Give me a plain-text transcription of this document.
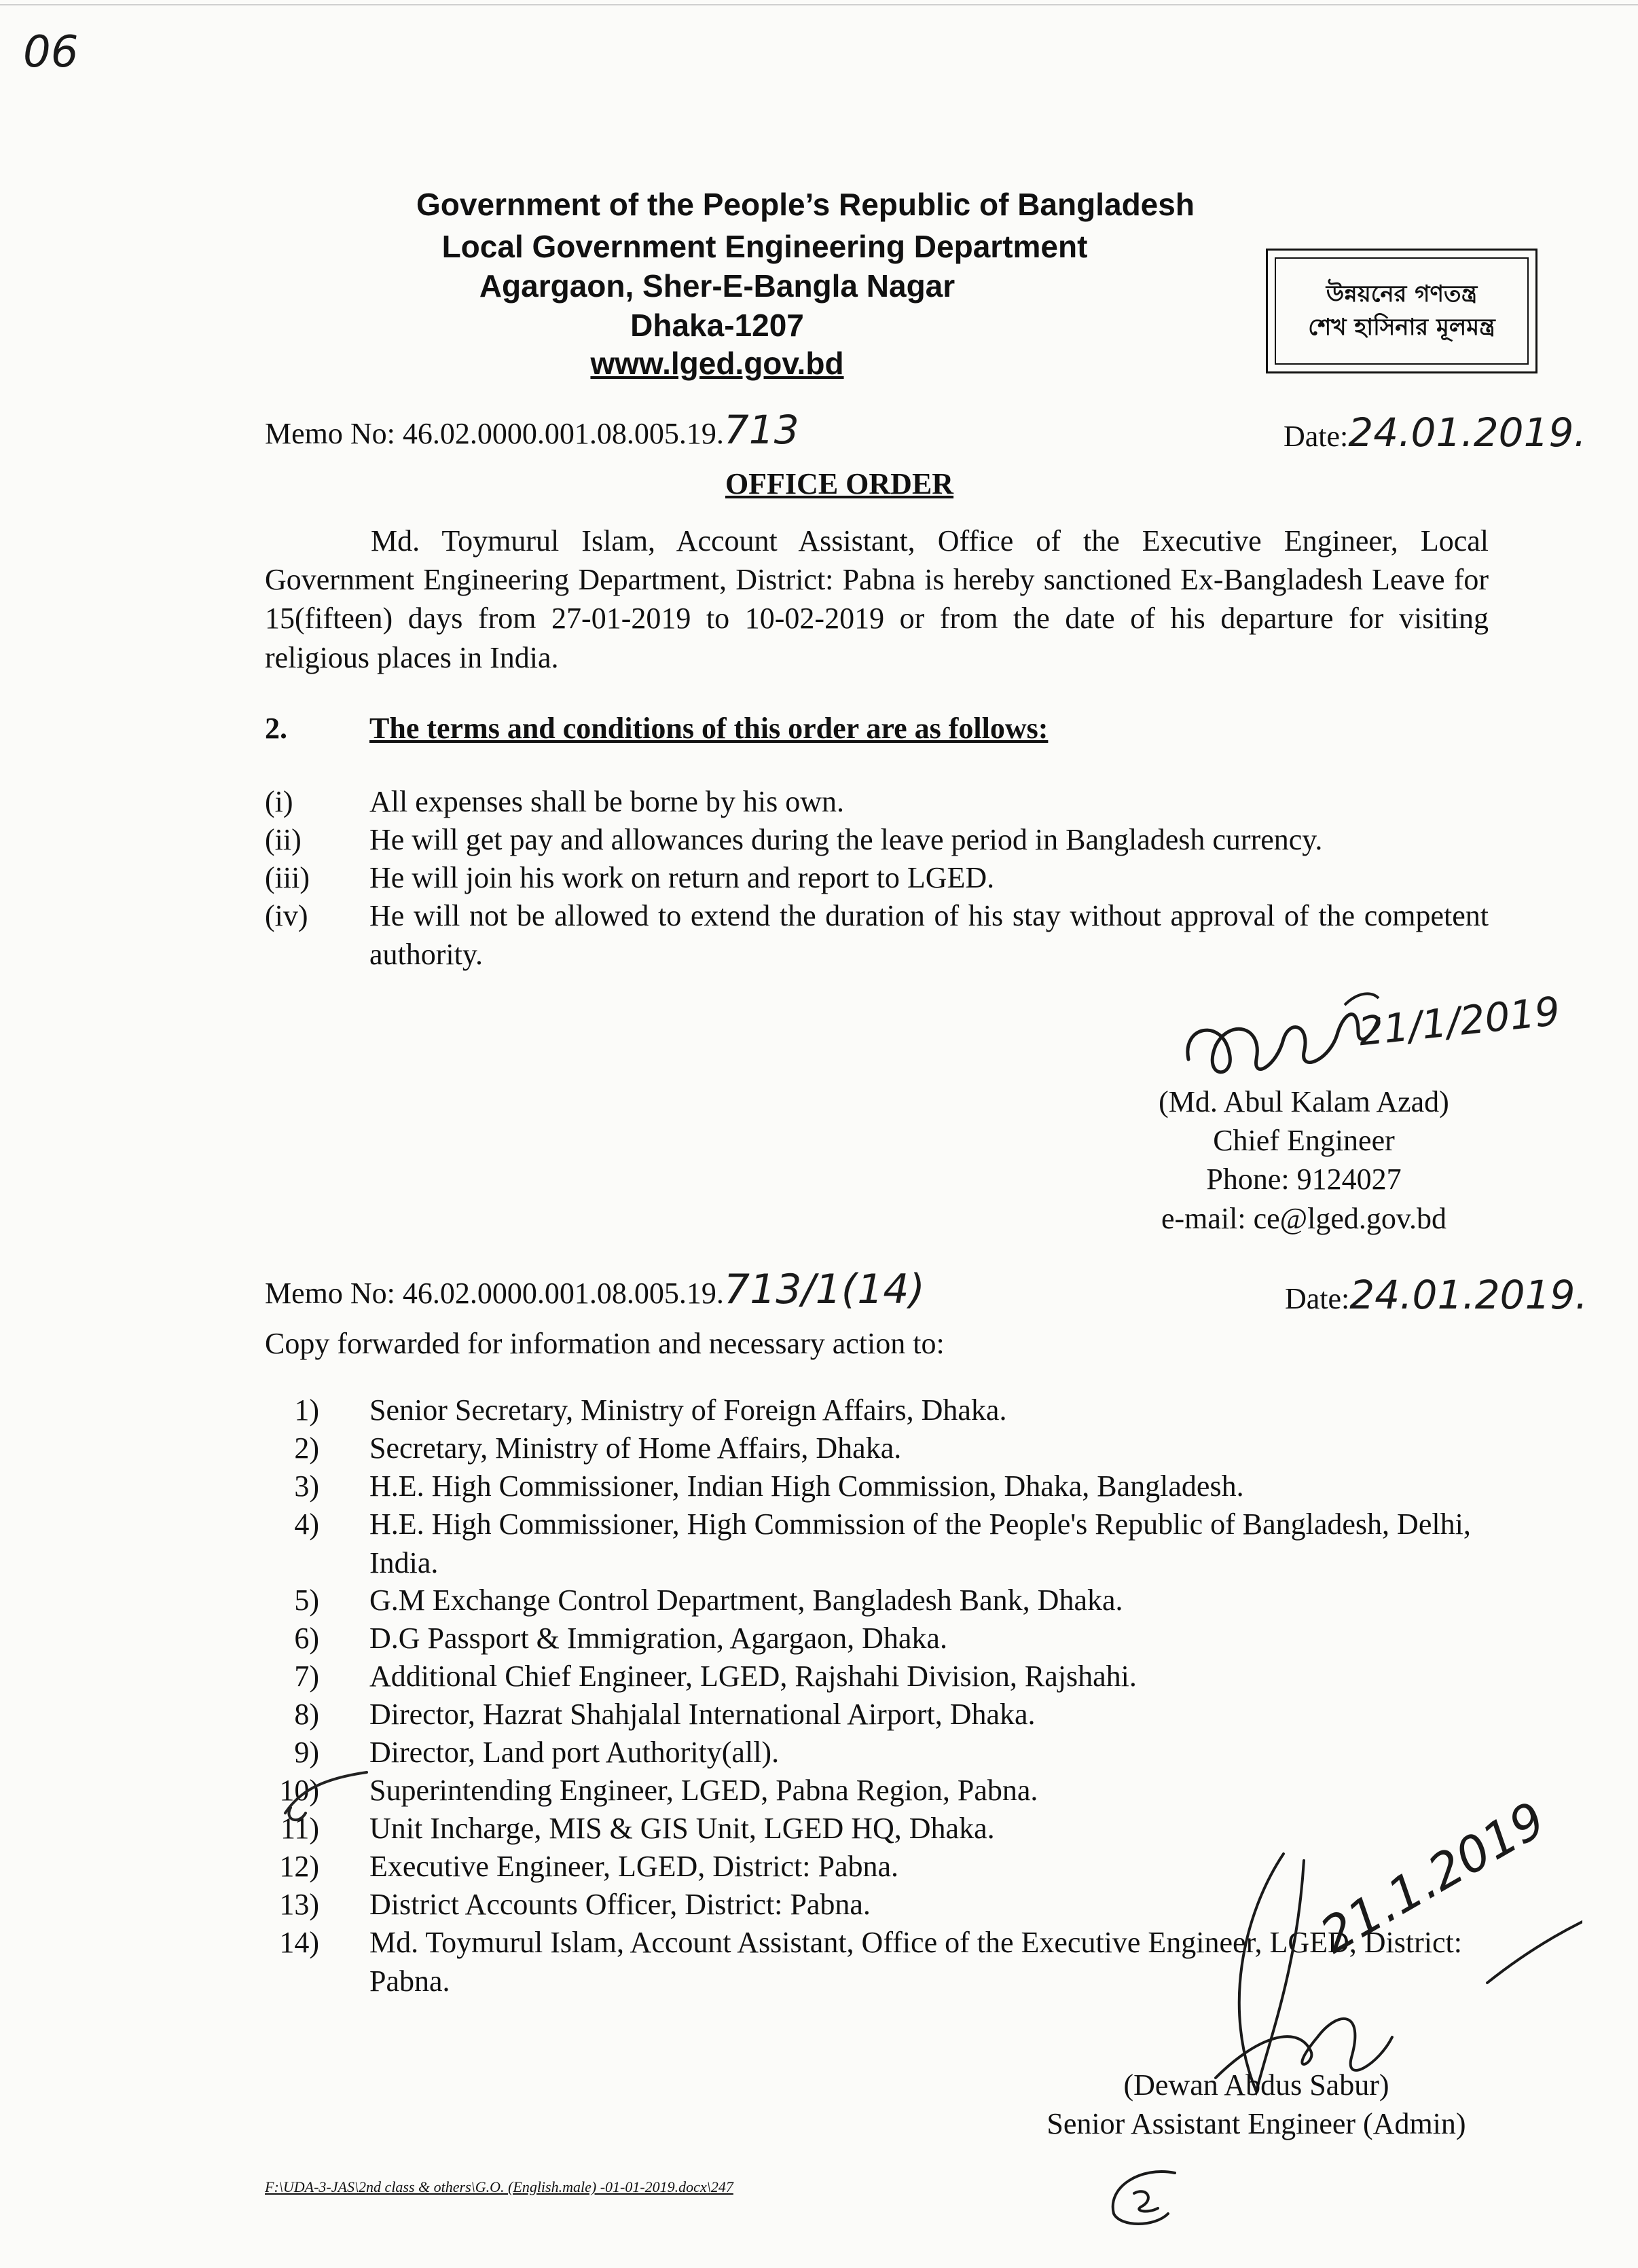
06
Government of the People’s Republic of Bangladesh
Local Government Engineering Department
Agargaon, Sher-E-Bangla Nagar
Dhaka-1207
www.lged.gov.bd
উন্নয়নের গণতন্ত্র
শেখ হাসিনার মূলমন্ত্র
Memo No: 46.02.0000.001.08.005.19.713	Date:24.01.2019.
OFFICE ORDER
Md. Toymurul Islam, Account Assistant, Office of the Executive Engineer, Local Government Engineering Department, District: Pabna is hereby sanctioned Ex-Bangladesh Leave for 15(fifteen) days from 27-01-2019 to 10-02-2019 or from the date of his departure for visiting religious places in India.
2.	The terms and conditions of this order are as follows:
(i)	All expenses shall be borne by his own.
(ii)	He will get pay and allowances during the leave period in Bangladesh currency.
(iii)	He will join his work on return and report to LGED.
(iv)	He will not be allowed to extend the duration of his stay without approval of the competent authority.
21/1/2019
(Md. Abul Kalam Azad)
Chief Engineer
Phone: 9124027
e-mail: ce@lged.gov.bd
Memo No: 46.02.0000.001.08.005.19.713/1(14)	Date:24.01.2019.
Copy forwarded for information and necessary action to:
1) Senior Secretary, Ministry of Foreign Affairs, Dhaka.
2) Secretary, Ministry of Home Affairs, Dhaka.
3) H.E. High Commissioner, Indian High Commission, Dhaka, Bangladesh.
4) H.E. High Commissioner, High Commission of the People's Republic of Bangladesh, Delhi, India.
5) G.M Exchange Control Department, Bangladesh Bank, Dhaka.
6) D.G Passport & Immigration, Agargaon, Dhaka.
7) Additional Chief Engineer, LGED, Rajshahi Division, Rajshahi.
8) Director, Hazrat Shahjalal International Airport, Dhaka.
9) Director, Land port Authority(all).
10) Superintending Engineer, LGED, Pabna Region, Pabna.
11) Unit Incharge, MIS & GIS Unit, LGED HQ, Dhaka.
12) Executive Engineer, LGED, District: Pabna.
13) District Accounts Officer, District: Pabna.
14) Md. Toymurul Islam, Account Assistant, Office of the Executive Engineer, LGED, District: Pabna.
21.1.2019
(Dewan Abdus Sabur)
Senior Assistant Engineer (Admin)
F:\UDA-3-JAS\2nd class & others\G.O. (English.male) -01-01-2019.docx\247
